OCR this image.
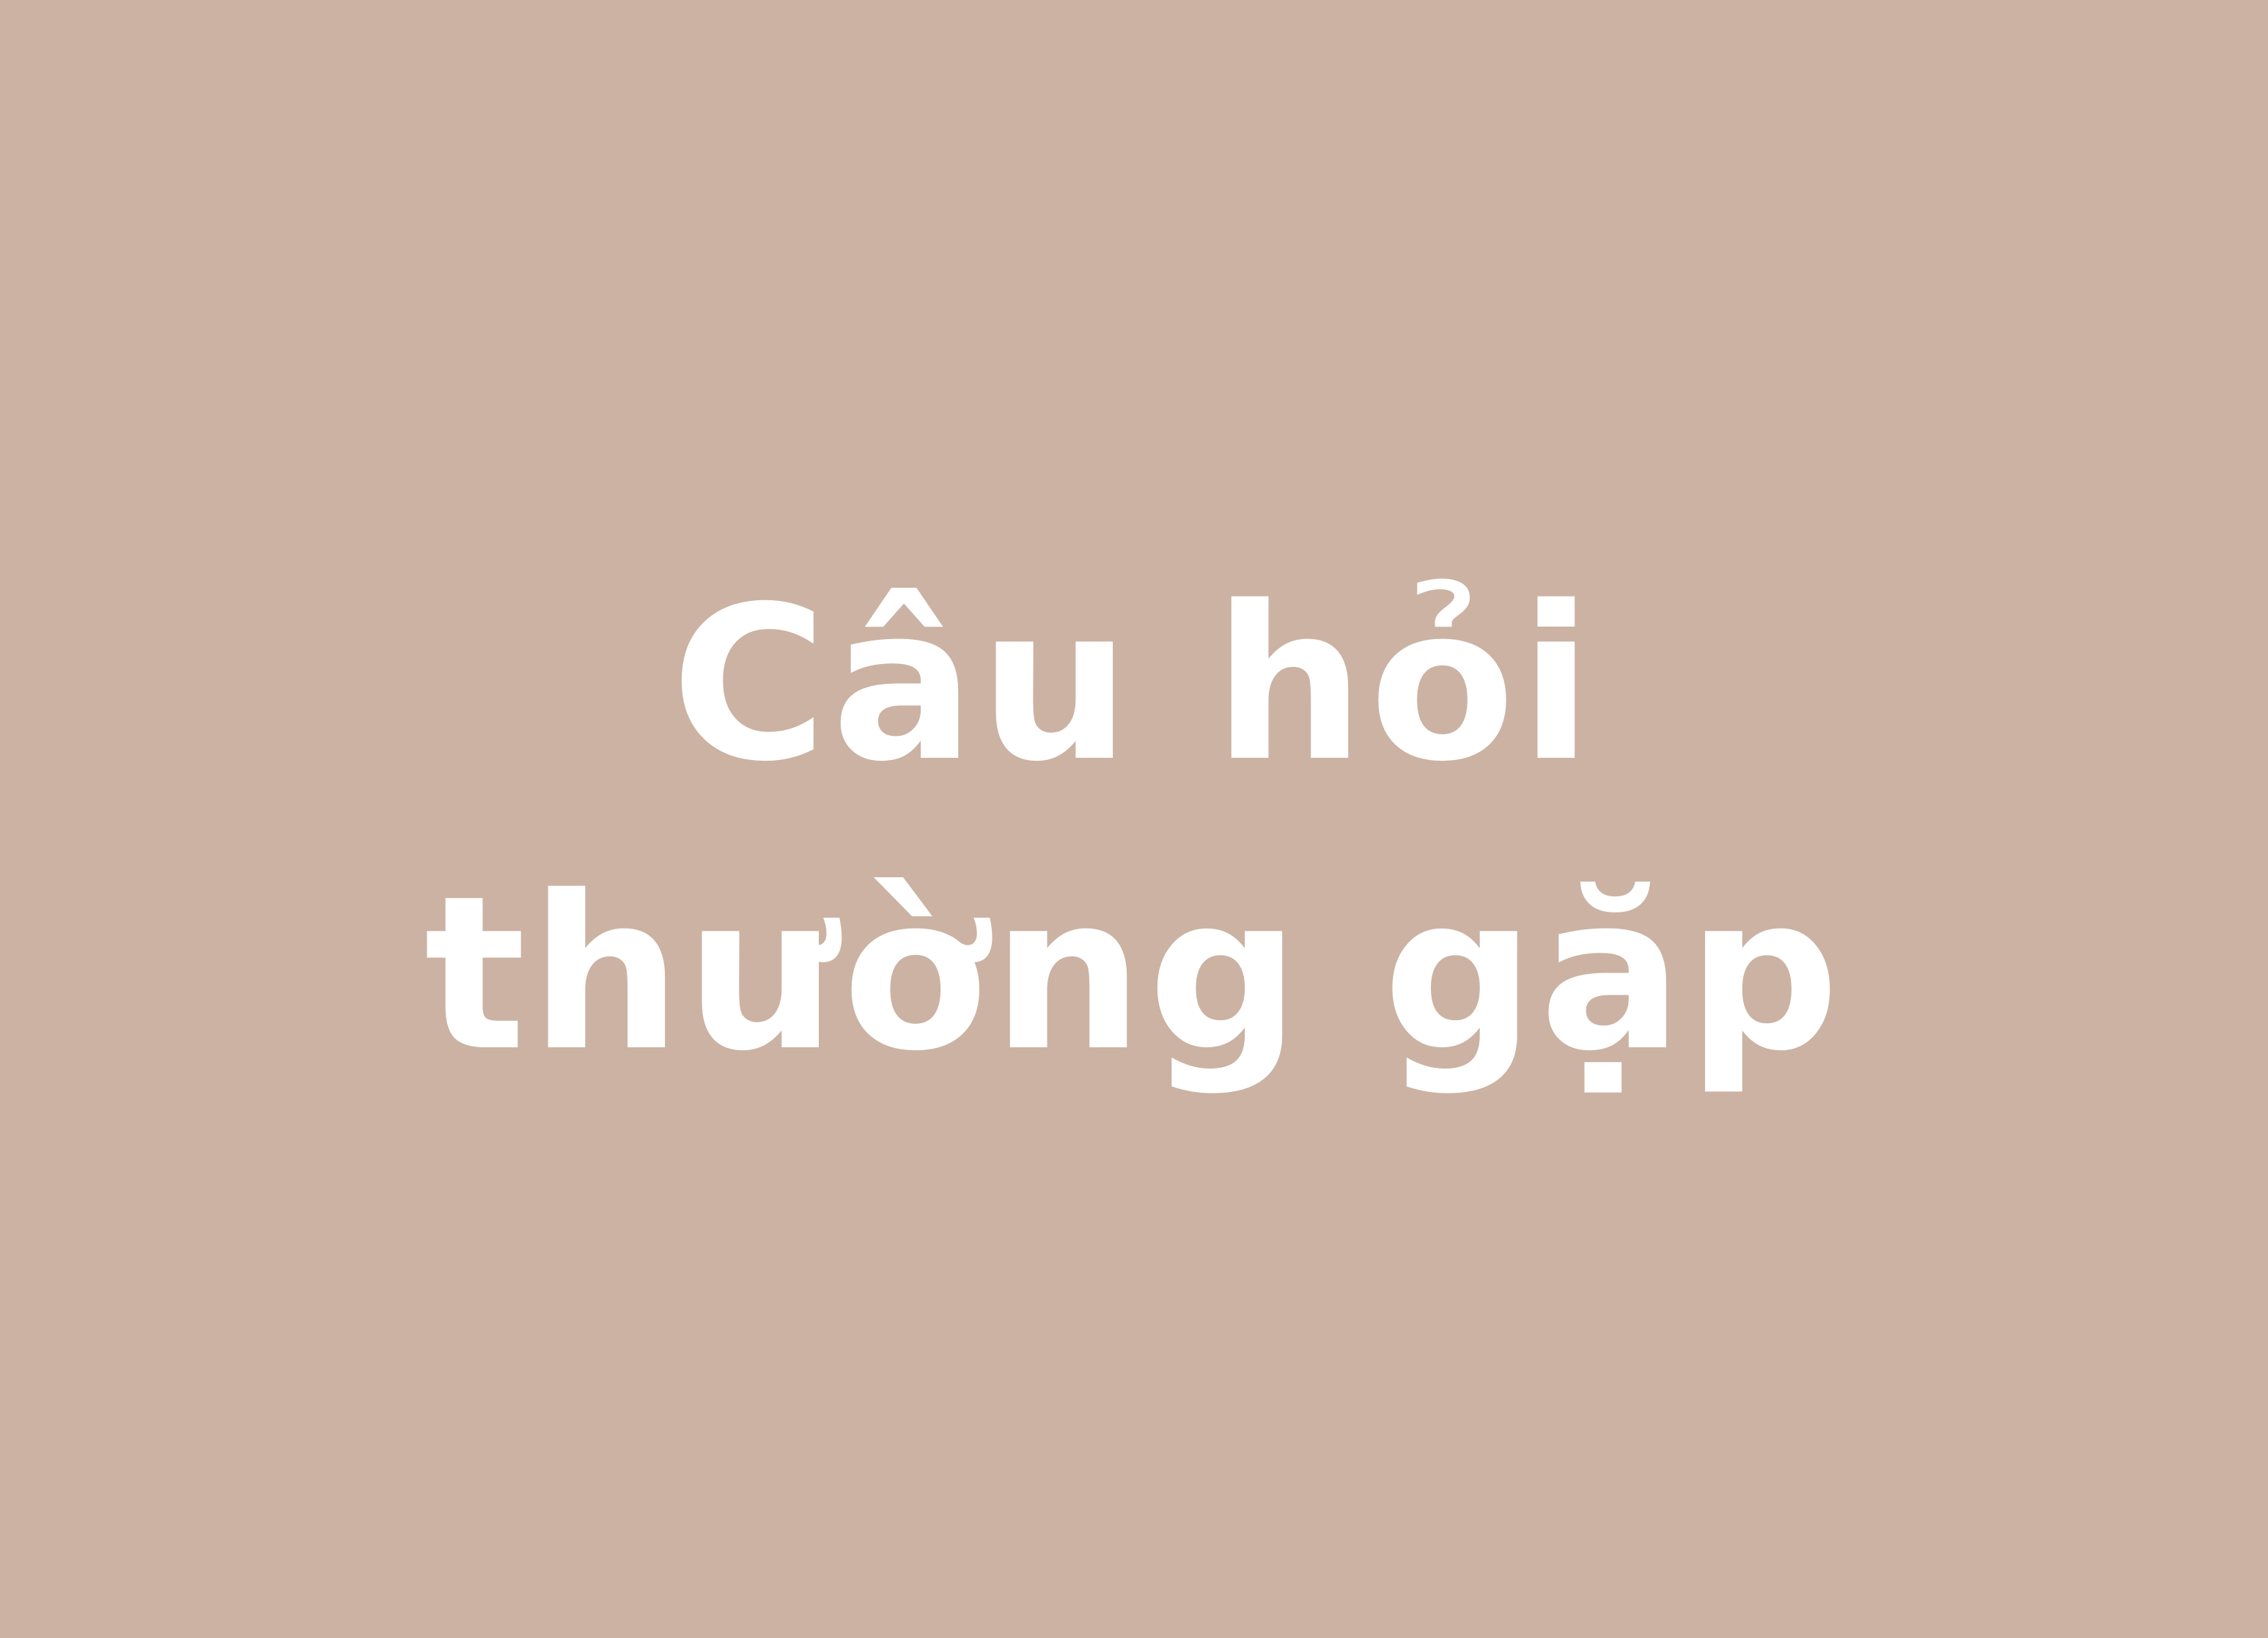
Câu hỏi
thường gặp
